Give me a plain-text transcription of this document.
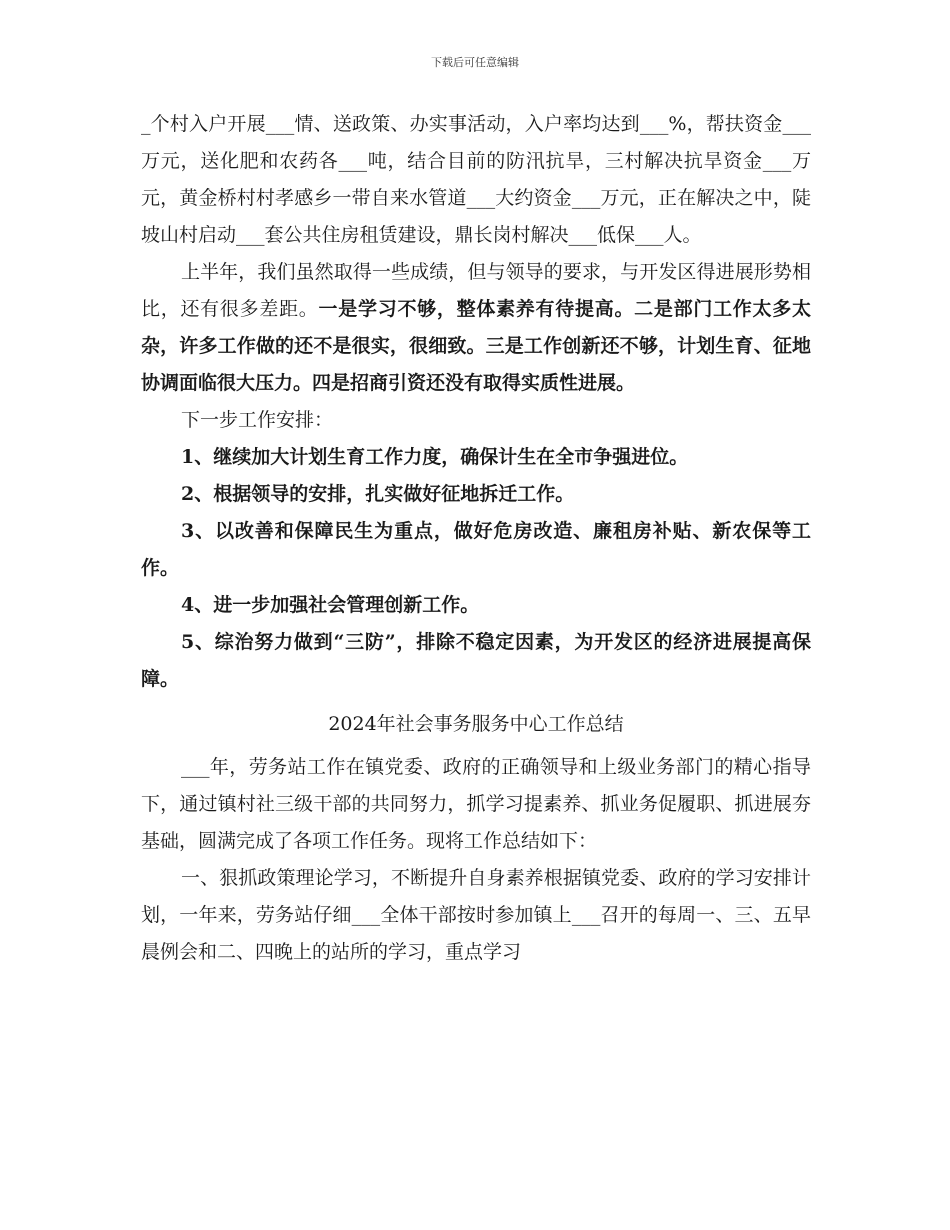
下载后可任意编辑

_个村入户开展___情、送政策、办实事活动，入户率均达到___%，帮扶资金___万元，送化肥和农药各___吨，结合目前的防汛抗旱，三村解决抗旱资金___万元，黄金桥村村孝感乡一带自来水管道___大约资金___万元，正在解决之中，陡坡山村启动___套公共住房租赁建设，鼎长岗村解决___低保___人。

上半年，我们虽然取得一些成绩，但与领导的要求，与开发区得进展形势相比，还有很多差距。一是学习不够，整体素养有待提高。二是部门工作太多太杂，许多工作做的还不是很实，很细致。三是工作创新还不够，计划生育、征地协调面临很大压力。四是招商引资还没有取得实质性进展。

下一步工作安排：

1、继续加大计划生育工作力度，确保计生在全市争强进位。

2、根据领导的安排，扎实做好征地拆迁工作。

3、以改善和保障民生为重点，做好危房改造、廉租房补贴、新农保等工作。

4、进一步加强社会管理创新工作。

5、综治努力做到“三防”，排除不稳定因素，为开发区的经济进展提高保障。

2024年社会事务服务中心工作总结

___年，劳务站工作在镇党委、政府的正确领导和上级业务部门的精心指导下，通过镇村社三级干部的共同努力，抓学习提素养、抓业务促履职、抓进展夯基础，圆满完成了各项工作任务。现将工作总结如下：

一、狠抓政策理论学习，不断提升自身素养根据镇党委、政府的学习安排计划，一年来，劳务站仔细___全体干部按时参加镇上___召开的每周一、三、五早晨例会和二、四晚上的站所的学习，重点学习
